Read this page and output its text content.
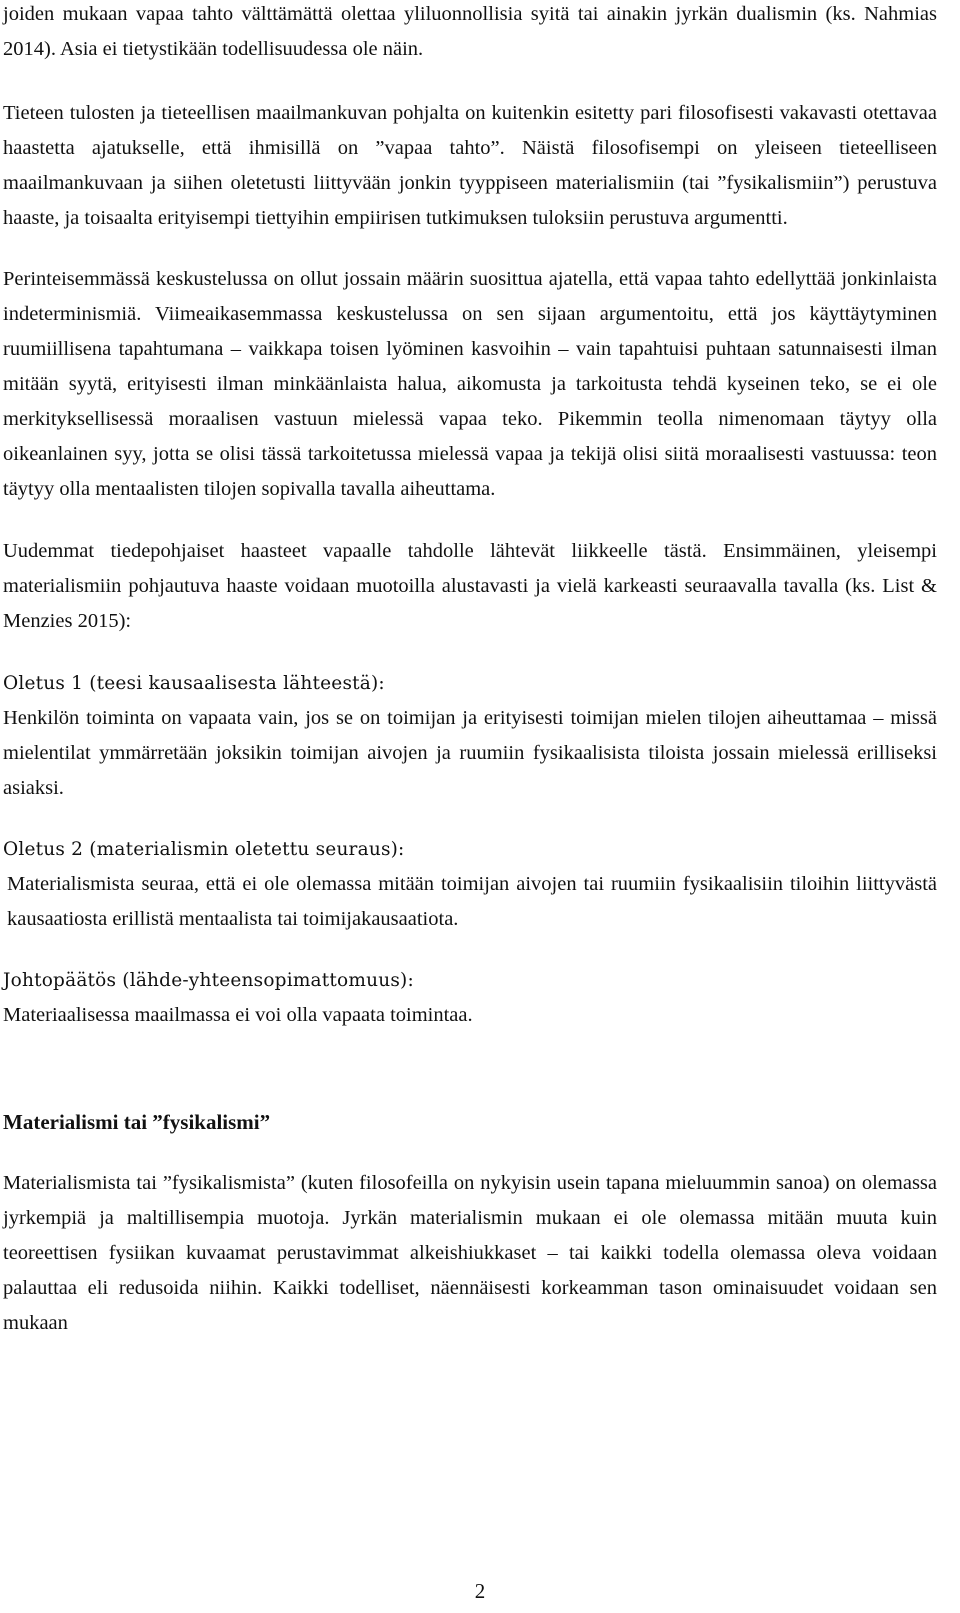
joiden mukaan vapaa tahto välttämättä olettaa yliluonnollisia syitä tai ainakin jyrkän dualismin (ks. Nahmias 2014). Asia ei tietystikään todellisuudessa ole näin.

Tieteen tulosten ja tieteellisen maailmankuvan pohjalta on kuitenkin esitetty pari filosofisesti vakavasti otettavaa haastetta ajatukselle, että ihmisillä on ”vapaa tahto”. Näistä filosofisempi on yleiseen tieteelliseen maailmankuvaan ja siihen oletetusti liittyvään jonkin tyyppiseen materialismiin (tai ”fysikalismiin”) perustuva haaste, ja toisaalta erityisempi tiettyihin empiirisen tutkimuksen tuloksiin perustuva argumentti.

Perinteisemmässä keskustelussa on ollut jossain määrin suosittua ajatella, että vapaa tahto edellyttää jonkinlaista indeterminismiä. Viimeaikasemmassa keskustelussa on sen sijaan argumentoitu, että jos käyttäytyminen ruumiillisena tapahtumana – vaikkapa toisen lyöminen kasvoihin – vain tapahtuisi puhtaan satunnaisesti ilman mitään syytä, erityisesti ilman minkäänlaista halua, aikomusta ja tarkoitusta tehdä kyseinen teko, se ei ole merkityksellisessä moraalisen vastuun mielessä vapaa teko. Pikemmin teolla nimenomaan täytyy olla oikeanlainen syy, jotta se olisi tässä tarkoitetussa mielessä vapaa ja tekijä olisi siitä moraalisesti vastuussa: teon täytyy olla mentaalisten tilojen sopivalla tavalla aiheuttama.

Uudemmat tiedepohjaiset haasteet vapaalle tahdolle lähtevät liikkeelle tästä. Ensimmäinen, yleisempi materialismiin pohjautuva haaste voidaan muotoilla alustavasti ja vielä karkeasti seuraavalla tavalla (ks. List & Menzies 2015):

Oletus 1 (teesi kausaalisesta lähteestä):

Henkilön toiminta on vapaata vain, jos se on toimijan ja erityisesti toimijan mielen tilojen aiheuttamaa – missä mielentilat ymmärretään joksikin toimijan aivojen ja ruumiin fysikaalisista tiloista jossain mielessä erilliseksi asiaksi.

Oletus 2 (materialismin oletettu seuraus):

Materialismista seuraa, että ei ole olemassa mitään toimijan aivojen tai ruumiin fysikaalisiin tiloihin liittyvästä kausaatiosta erillistä mentaalista tai toimijakausaatiota.

Johtopäätös (lähde-yhteensopimattomuus):

Materiaalisessa maailmassa ei voi olla vapaata toimintaa.

Materialismi tai ”fysikalismi”

Materialismista tai ”fysikalismista” (kuten filosofeilla on nykyisin usein tapana mieluummin sanoa) on olemassa jyrkempiä ja maltillisempia muotoja. Jyrkän materialismin mukaan ei ole olemassa mitään muuta kuin teoreettisen fysiikan kuvaamat perustavimmat alkeishiukkaset – tai kaikki todella olemassa oleva voidaan palauttaa eli redusoida niihin. Kaikki todelliset, näennäisesti korkeamman tason ominaisuudet voidaan sen mukaan

2
